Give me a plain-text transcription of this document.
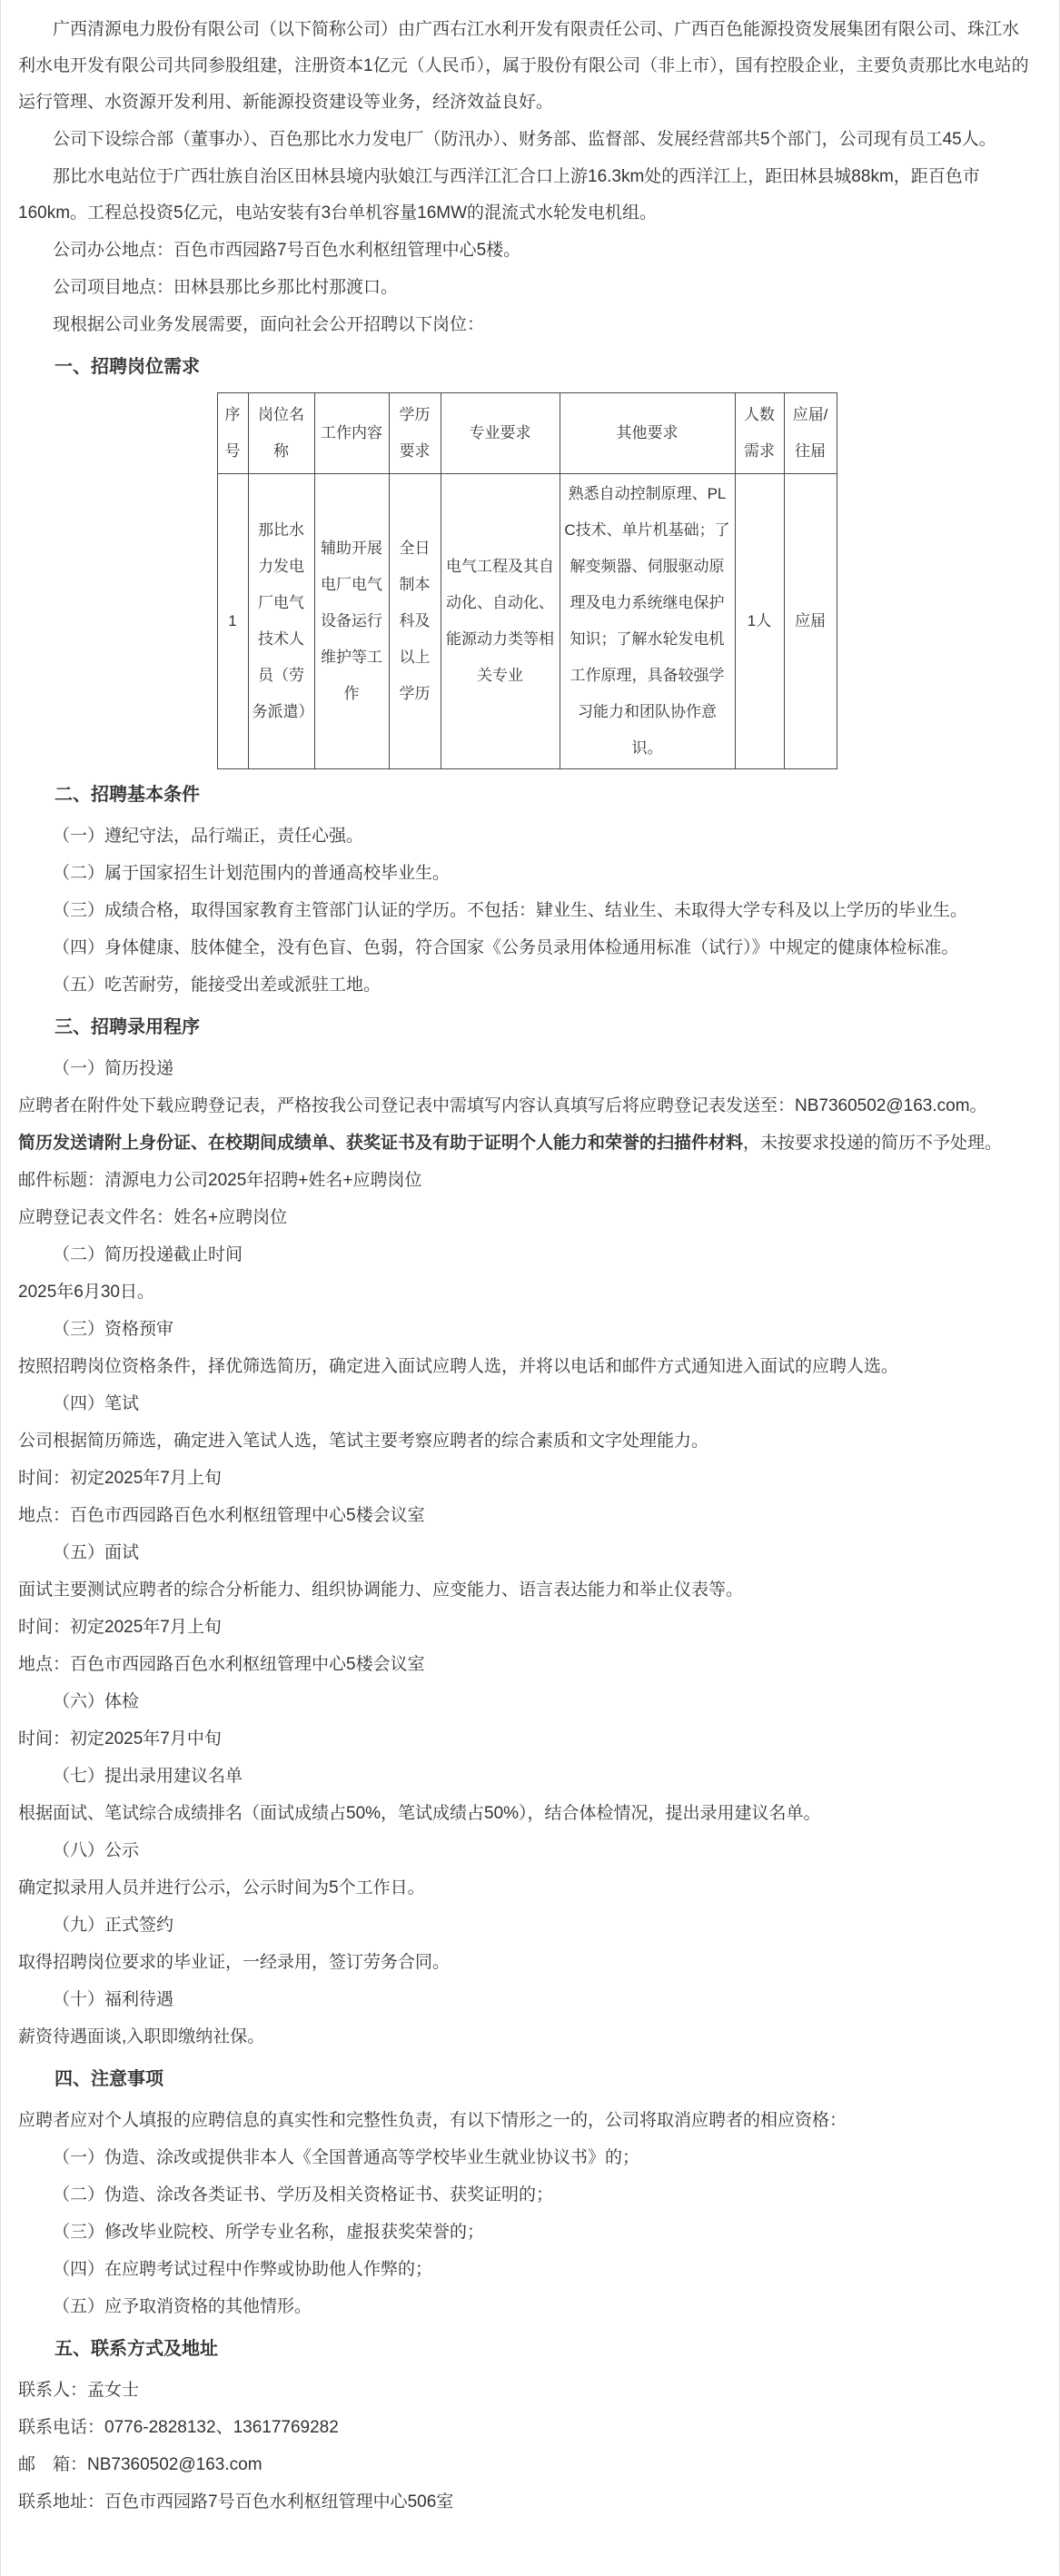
广西清源电力股份有限公司（以下简称公司）由广西右江水利开发有限责任公司、广西百色能源投资发展集团有限公司、珠江水利水电开发有限公司共同参股组建，注册资本1亿元（人民币），属于股份有限公司（非上市），国有控股企业，主要负责那比水电站的运行管理、水资源开发利用、新能源投资建设等业务，经济效益良好。

公司下设综合部（董事办）、百色那比水力发电厂（防汛办）、财务部、监督部、发展经营部共5个部门，公司现有员工45人。

那比水电站位于广西壮族自治区田林县境内驮娘江与西洋江汇合口上游16.3km处的西洋江上，距田林县城88km，距百色市160km。工程总投资5亿元，电站安装有3台单机容量16MW的混流式水轮发电机组。

公司办公地点：百色市西园路7号百色水利枢纽管理中心5楼。

公司项目地点：田林县那比乡那比村那渡口。

现根据公司业务发展需要，面向社会公开招聘以下岗位：

一、招聘岗位需求
序号	岗位名称	工作内容	学历要求	专业要求	其他要求	人数需求	应届/往届
1	那比水力发电厂电气技术人员（劳务派遣）	辅助开展电厂电气设备运行维护等工作	全日制本科及以上学历	电气工程及其自动化、自动化、能源动力类等相关专业	熟悉自动控制原理、PLC技术、单片机基础；了解变频器、伺服驱动原理及电力系统继电保护知识；了解水轮发电机工作原理，具备较强学习能力和团队协作意识。	1人	应届
二、招聘基本条件

（一）遵纪守法，品行端正，责任心强。

（二）属于国家招生计划范围内的普通高校毕业生。

（三）成绩合格，取得国家教育主管部门认证的学历。不包括：肄业生、结业生、未取得大学专科及以上学历的毕业生。

（四）身体健康、肢体健全，没有色盲、色弱，符合国家《公务员录用体检通用标准（试行）》中规定的健康体检标准。

（五）吃苦耐劳，能接受出差或派驻工地。

三、招聘录用程序

（一）简历投递

应聘者在附件处下载应聘登记表，严格按我公司登记表中需填写内容认真填写后将应聘登记表发送至：NB7360502@163.com。

简历发送请附上身份证、在校期间成绩单、获奖证书及有助于证明个人能力和荣誉的扫描件材料，未按要求投递的简历不予处理。

邮件标题：清源电力公司2025年招聘+姓名+应聘岗位

应聘登记表文件名：姓名+应聘岗位

（二）简历投递截止时间

2025年6月30日。

（三）资格预审

按照招聘岗位资格条件，择优筛选简历，确定进入面试应聘人选，并将以电话和邮件方式通知进入面试的应聘人选。

（四）笔试

公司根据简历筛选，确定进入笔试人选，笔试主要考察应聘者的综合素质和文字处理能力。

时间：初定2025年7月上旬

地点：百色市西园路百色水利枢纽管理中心5楼会议室

（五）面试

面试主要测试应聘者的综合分析能力、组织协调能力、应变能力、语言表达能力和举止仪表等。

时间：初定2025年7月上旬

地点：百色市西园路百色水利枢纽管理中心5楼会议室

（六）体检

时间：初定2025年7月中旬

（七）提出录用建议名单

根据面试、笔试综合成绩排名（面试成绩占50%，笔试成绩占50%），结合体检情况，提出录用建议名单。

（八）公示

确定拟录用人员并进行公示，公示时间为5个工作日。

（九）正式签约

取得招聘岗位要求的毕业证，一经录用，签订劳务合同。

（十）福利待遇

薪资待遇面谈,入职即缴纳社保。

四、注意事项

应聘者应对个人填报的应聘信息的真实性和完整性负责，有以下情形之一的，公司将取消应聘者的相应资格：

（一）伪造、涂改或提供非本人《全国普通高等学校毕业生就业协议书》的；

（二）伪造、涂改各类证书、学历及相关资格证书、获奖证明的；

（三）修改毕业院校、所学专业名称，虚报获奖荣誉的；

（四）在应聘考试过程中作弊或协助他人作弊的；

（五）应予取消资格的其他情形。

五、联系方式及地址

联系人：孟女士

联系电话：0776-2828132、13617769282

邮　箱：NB7360502@163.com

联系地址：百色市西园路7号百色水利枢纽管理中心506室
